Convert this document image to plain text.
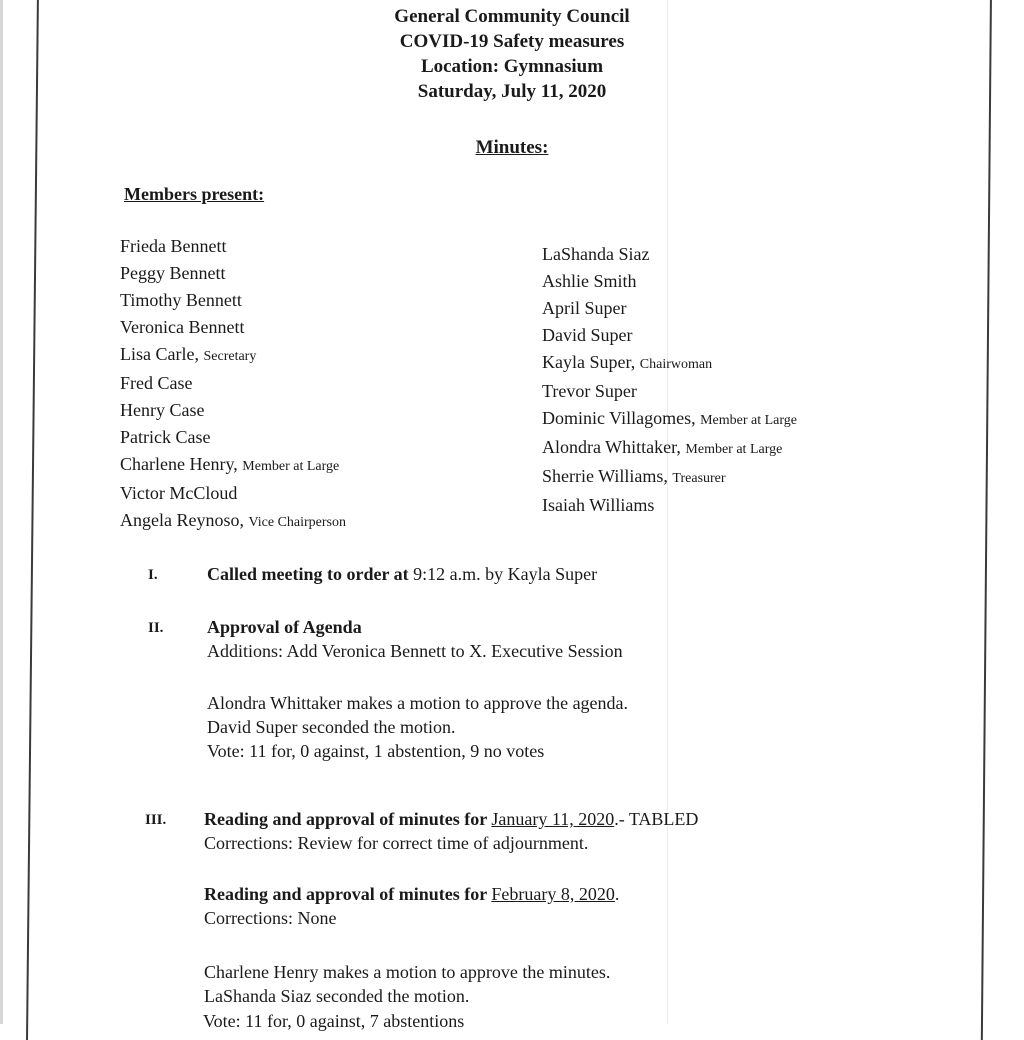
General Community Council
COVID-19 Safety measures
Location: Gymnasium
Saturday, July 11, 2020
Minutes:
Members present:
Frieda Bennett
Peggy Bennett
Timothy Bennett
Veronica Bennett
Lisa Carle, Secretary
Fred Case
Henry Case
Patrick Case
Charlene Henry, Member at Large
Victor McCloud
Angela Reynoso, Vice Chairperson
LaShanda Siaz
Ashlie Smith
April Super
David Super
Kayla Super, Chairwoman
Trevor Super
Dominic Villagomes, Member at Large
Alondra Whittaker, Member at Large
Sherrie Williams, Treasurer
Isaiah Williams
I.	Called meeting to order at 9:12 a.m. by Kayla Super
II. Approval of Agenda
Additions: Add Veronica Bennett to X. Executive Session
Alondra Whittaker makes a motion to approve the agenda.
David Super seconded the motion.
Vote: 11 for, 0 against, 1 abstention, 9 no votes
III. Reading and approval of minutes for January 11, 2020.- TABLED
Corrections: Review for correct time of adjournment.
Reading and approval of minutes for February 8, 2020.
Corrections: None
Charlene Henry makes a motion to approve the minutes.
LaShanda Siaz seconded the motion.
Vote: 11 for, 0 against, 7 abstentions
